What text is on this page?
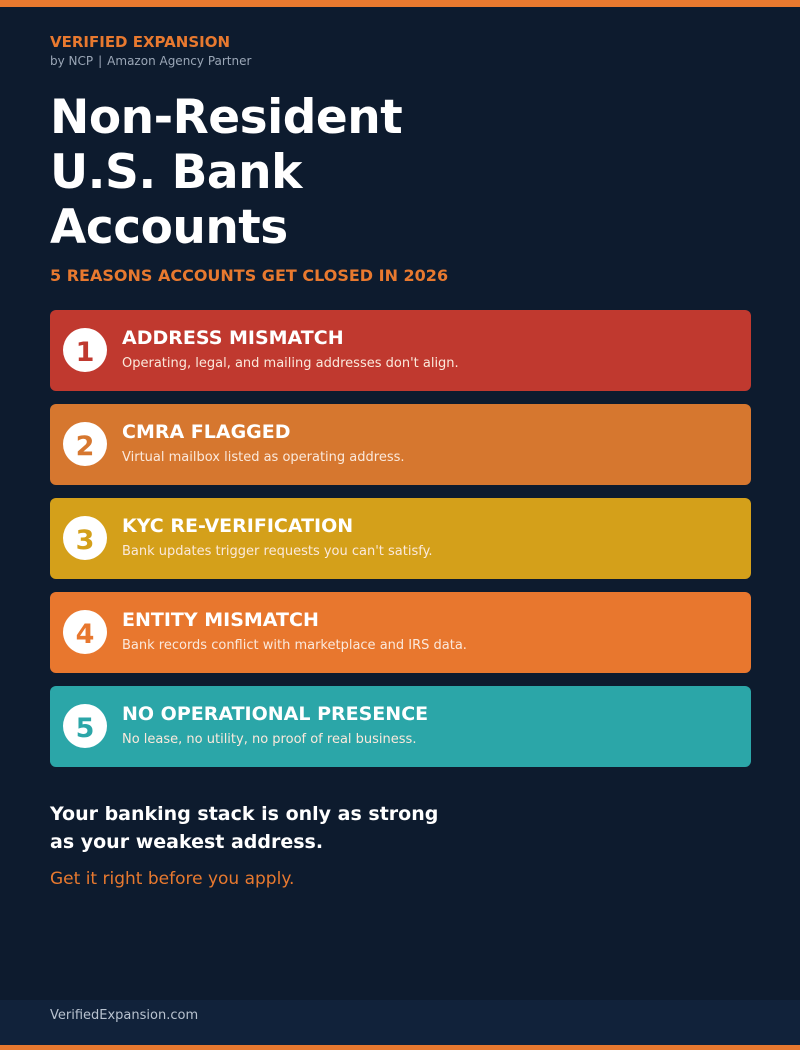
VERIFIED EXPANSION
by NCP | Amazon Agency Partner
Non-Resident
U.S. Bank
Accounts
5 REASONS ACCOUNTS GET CLOSED IN 2026
1	ADDRESS MISMATCH
Operating, legal, and mailing addresses don't align.
2	CMRA FLAGGED
Virtual mailbox listed as operating address.
3	KYC RE-VERIFICATION
Bank updates trigger requests you can't satisfy.
4	ENTITY MISMATCH
Bank records conflict with marketplace and IRS data.
5	NO OPERATIONAL PRESENCE
No lease, no utility, no proof of real business.
Your banking stack is only as strong
as your weakest address.
Get it right before you apply.
VerifiedExpansion.com
